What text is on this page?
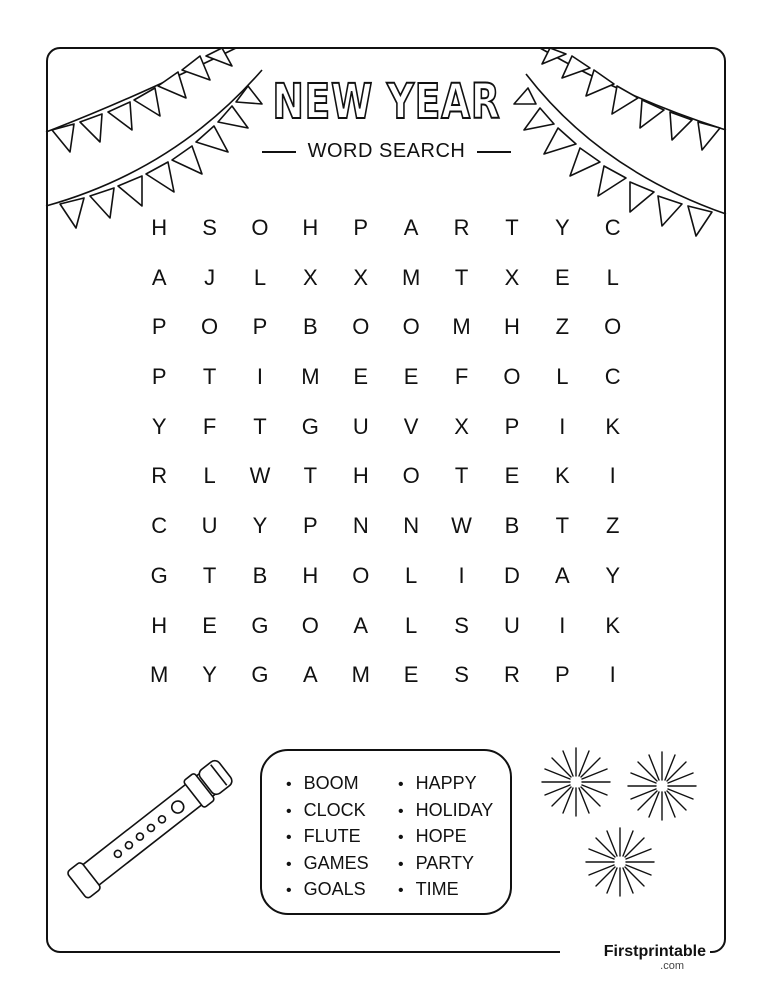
NEW YEAR
WORD SEARCH
H	S	O	H	P	A	R	T	Y	C
A	J	L	X	X	M	T	X	E	L
P	O	P	B	O	O	M	H	Z	O
P	T	I	M	E	E	F	O	L	C
Y	F	T	G	U	V	X	P	I	K
R	L	W	T	H	O	T	E	K	I
C	U	Y	P	N	N	W	B	T	Z
G	T	B	H	O	L	I	D	A	Y
H	E	G	O	A	L	S	U	I	K
M	Y	G	A	M	E	S	R	P	I
• BOOM
• CLOCK
• FLUTE
• GAMES
• GOALS
• HAPPY
• HOLIDAY
• HOPE
• PARTY
• TIME
Firstprintable
.com
